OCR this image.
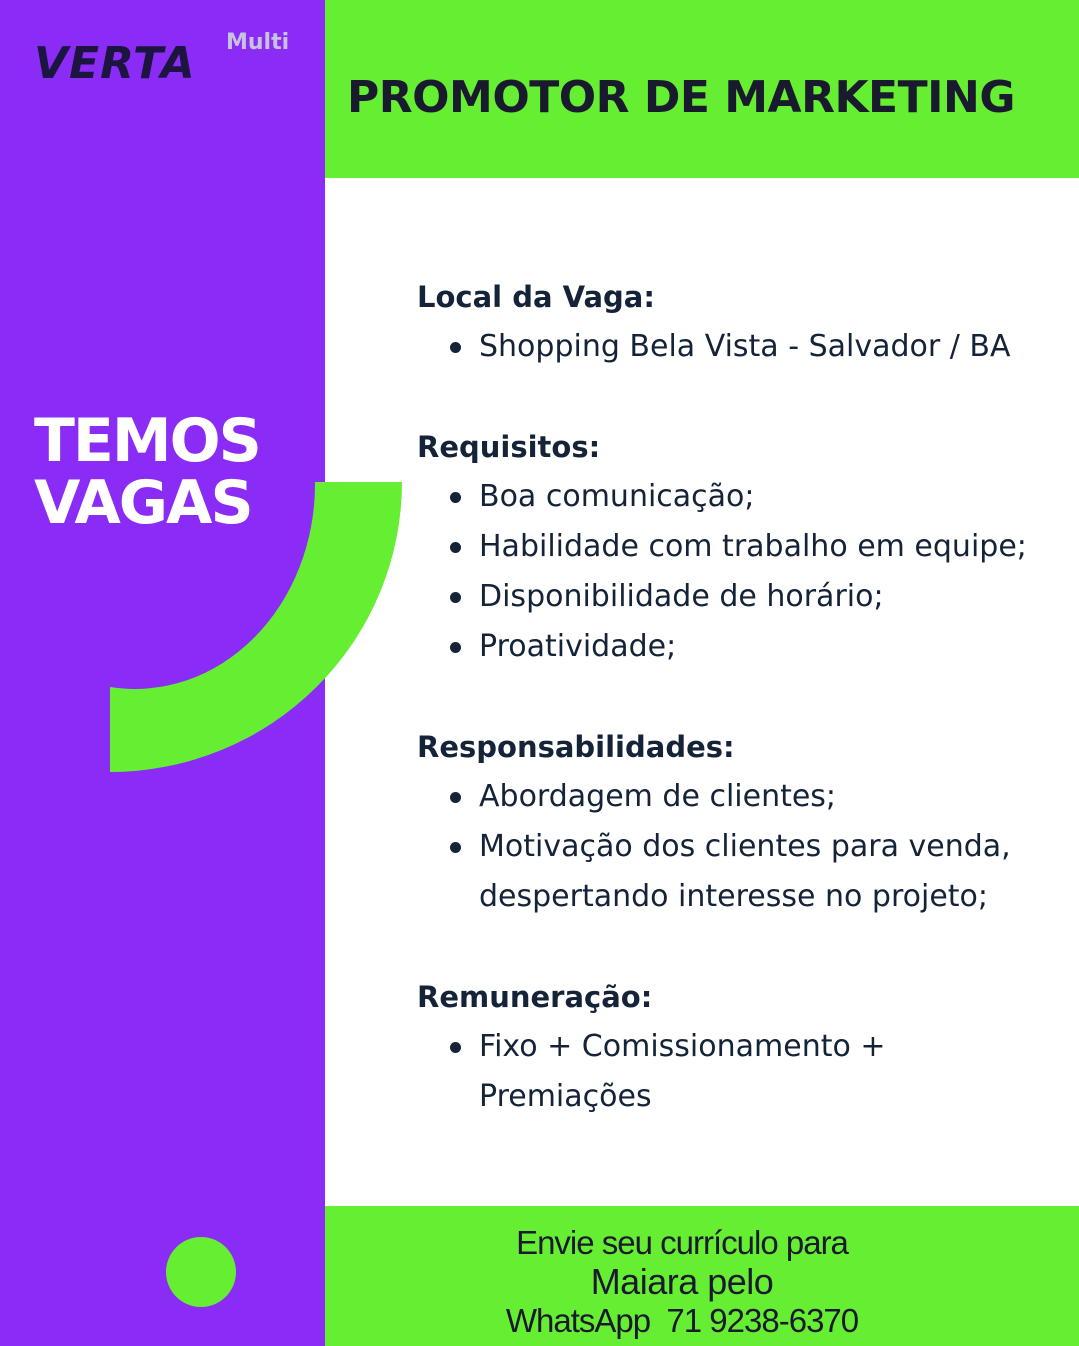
VERTA Multi
TEMOS
VAGAS
PROMOTOR DE MARKETING
Local da Vaga:
Shopping Bela Vista - Salvador / BA
Requisitos:
Boa comunicação;
Habilidade com trabalho em equipe;
Disponibilidade de horário;
Proatividade;
Responsabilidades:
Abordagem de clientes;
Motivação dos clientes para venda,
despertando interesse no projeto;
Remuneração:
Fixo + Comissionamento +
Premiações
Envie seu currículo para
Maiara pelo
WhatsApp  71 9238-6370
